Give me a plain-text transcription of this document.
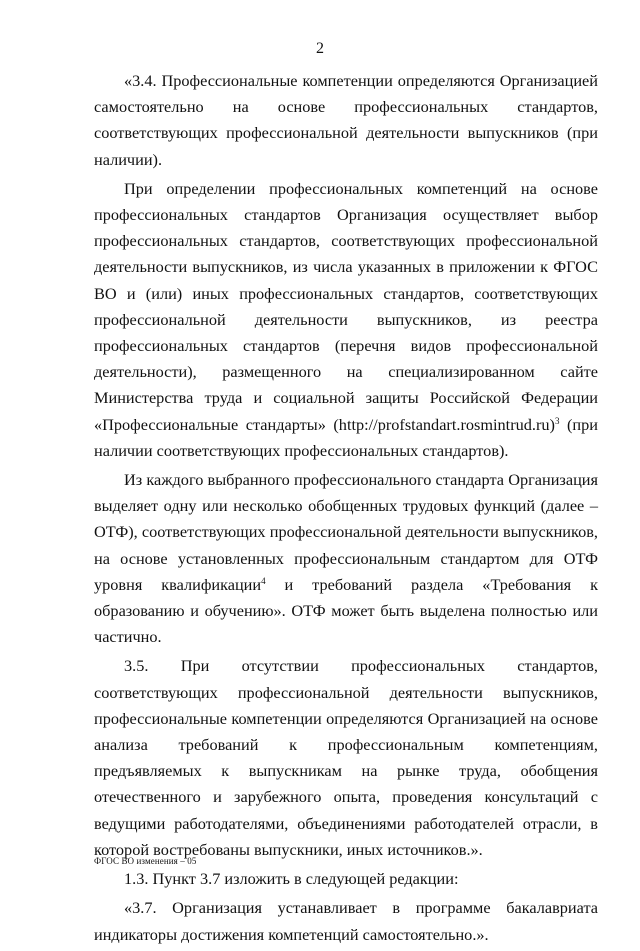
2

«3.4. Профессиональные компетенции определяются Организацией самостоятельно на основе профессиональных стандартов, соответствующих профессиональной деятельности выпускников (при наличии).

При определении профессиональных компетенций на основе профессиональных стандартов Организация осуществляет выбор профессиональных стандартов, соответствующих профессиональной деятельности выпускников, из числа указанных в приложении к ФГОС ВО и (или) иных профессиональных стандартов, соответствующих профессиональной деятельности выпускников, из реестра профессиональных стандартов (перечня видов профессиональной деятельности), размещенного на специализированном сайте Министерства труда и социальной защиты Российской Федерации «Профессиональные стандарты» (http://profstandart.rosmintrud.ru)$^3$ (при наличии соответствующих профессиональных стандартов).

Из каждого выбранного профессионального стандарта Организация выделяет одну или несколько обобщенных трудовых функций (далее – ОТФ), соответствующих профессиональной деятельности выпускников, на основе установленных профессиональным стандартом для ОТФ уровня квалификации$^4$ и требований раздела «Требования к образованию и обучению». ОТФ может быть выделена полностью или частично.

3.5. При отсутствии профессиональных стандартов, соответствующих профессиональной деятельности выпускников, профессиональные компетенции определяются Организацией на основе анализа требований к профессиональным компетенциям, предъявляемых к выпускникам на рынке труда, обобщения отечественного и зарубежного опыта, проведения консультаций с ведущими работодателями, объединениями работодателей отрасли, в которой востребованы выпускники, иных источников.».

1.3. Пункт 3.7 изложить в следующей редакции:

«3.7. Организация устанавливает в программе бакалавриата индикаторы достижения компетенций самостоятельно.».

ФГОС ВО изменения – 05
